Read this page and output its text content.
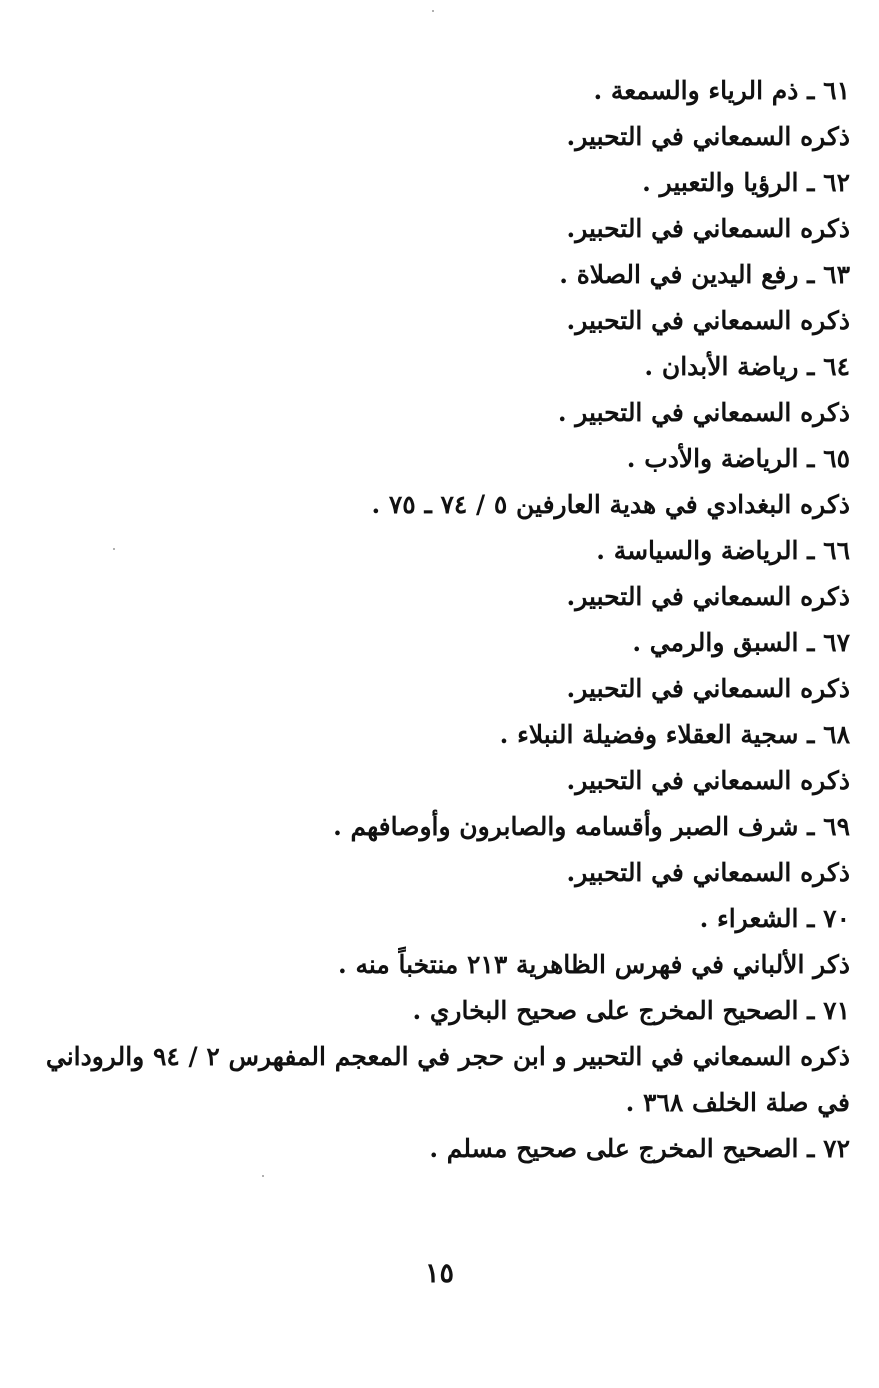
٦١ ـ ذم الرياء والسمعة .

ذكره السمعاني في التحبير.

٦٢ ـ الرؤيا والتعبير .

ذكره السمعاني في التحبير.

٦٣ ـ رفع اليدين في الصلاة .

ذكره السمعاني في التحبير.

٦٤ ـ رياضة الأبدان .

ذكره السمعاني في التحبير .

٦٥ ـ الرياضة والأدب .

ذكره البغدادي في هدية العارفين ٥ / ٧٤ ـ ٧٥ .

٦٦ ـ الرياضة والسياسة .

ذكره السمعاني في التحبير.

٦٧ ـ السبق والرمي .

ذكره السمعاني في التحبير.

٦٨ ـ سجية العقلاء وفضيلة النبلاء .

ذكره السمعاني في التحبير.

٦٩ ـ شرف الصبر وأقسامه والصابرون وأوصافهم .

ذكره السمعاني في التحبير.

٧٠ ـ الشعراء .

ذكر الألباني في فهرس الظاهرية ٢١٣ منتخباً منه .

٧١ ـ الصحيح المخرج على صحيح البخاري .

ذكره السمعاني في التحبير و ابن حجر في المعجم المفهرس ٢ / ٩٤ والروداني في صلة الخلف ٣٦٨ .

٧٢ ـ الصحيح المخرج على صحيح مسلم .

١٥
